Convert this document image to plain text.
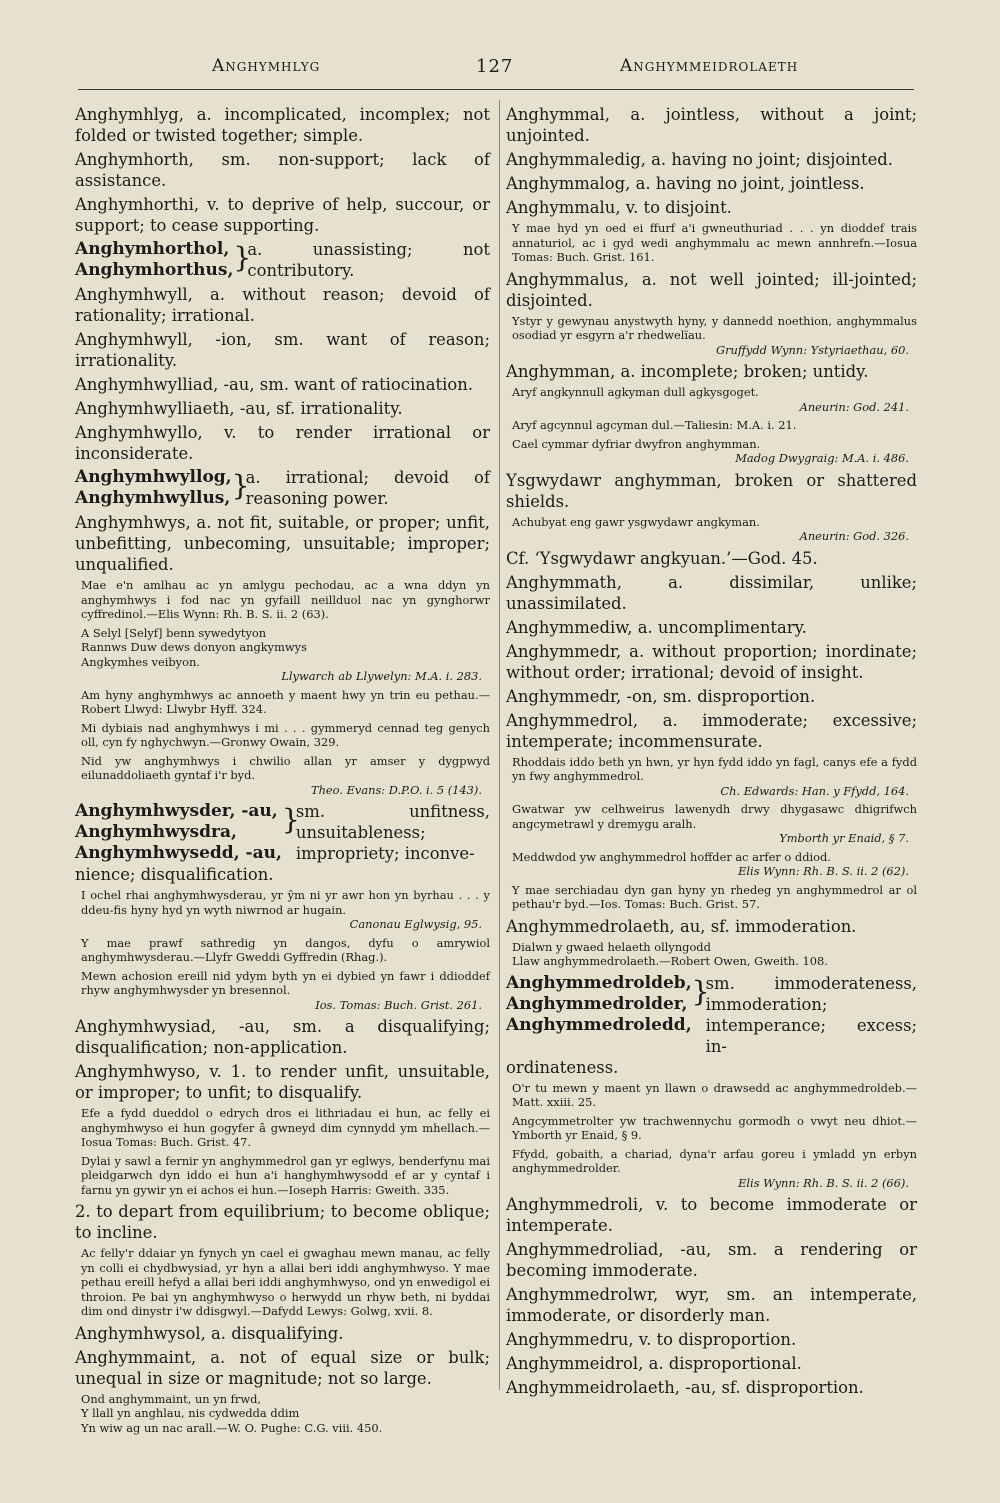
Anghymhlyg	127	Anghymmeidrolaeth
Anghymhlyg, a. incomplicated, incomplex; not folded or twisted together; simple.
Anghymhorth, sm. non-support; lack of assistance.
Anghymhorthi, v. to deprive of help, succour, or support; to cease supporting.
Anghymhorthol,
Anghymhorthus, }
a. unassisting; not contributory.
Anghymhwyll, a. without reason; devoid of rationality; irrational.
Anghymhwyll, -ion, sm. want of reason; irrationality.
Anghymhwylliad, -au, sm. want of ratiocination.
Anghymhwylliaeth, -au, sf. irrationality.
Anghymhwyllo, v. to render irrational or inconsiderate.
Anghymhwyllog,
Anghymhwyllus, }
a. irrational; devoid of reasoning power.
Anghymhwys, a. not fit, suitable, or proper; unfit, unbefitting, unbecoming, unsuitable; improper; unqualified.
Mae e'n amlhau ac yn amlygu pechodau, ac a wna ddyn yn anghymhwys i fod nac yn gyfaill neillduol nac yn gynghorwr cyffredinol.—Elis Wynn: Rh. B. S. ii. 2 (63).
A Selyl [Selyf] benn sywedytyon
Rannws Duw dews donyon angkymwys
Angkymhes veibyon.
Llywarch ab Llywelyn: M.A. i. 283.
Am hyny anghymhwys ac annoeth y maent hwy yn trin eu pethau.—Robert Llwyd: Llwybr Hyff. 324.
Mi dybiais nad anghymhwys i mi . . . gymmeryd cennad teg genych oll, cyn fy nghychwyn.—Gronwy Owain, 329.
Nid yw anghymhwys i chwilio allan yr amser y dygpwyd eilunaddoliaeth gyntaf i'r byd.
Theo. Evans: D.P.O. i. 5 (143).
Anghymhwysder, -au,
Anghymhwysdra,
Anghymhwysedd, -au,
}
sm. unfitness, unsuitableness; impropriety; inconve-
nience; disqualification.
I ochel rhai anghymhwysderau, yr ŷm ni yr awr hon yn byrhau . . . y ddeu-fis hyny hyd yn wyth niwrnod ar hugain.
Canonau Eglwysig, 95.
Y mae prawf sathredig yn dangos, dyfu o amrywiol anghymhwysderau.—Llyfr Gweddi Gyffredin (Rhag.).
Mewn achosion ereill nid ydym byth yn ei dybied yn fawr i ddioddef rhyw anghymhwysder yn bresennol.
Ios. Tomas: Buch. Grist. 261.
Anghymhwysiad, -au, sm. a disqualifying; disqualification; non-application.
Anghymhwyso, v. 1. to render unfit, unsuitable, or improper; to unfit; to disqualify.
Efe a fydd dueddol o edrych dros ei lithriadau ei hun, ac felly ei anghymhwyso ei hun gogyfer â gwneyd dim cynnydd ym mhellach.—Iosua Tomas: Buch. Grist. 47.
Dylai y sawl a fernir yn anghymmedrol gan yr eglwys, benderfynu mai pleidgarwch dyn iddo ei hun a'i hanghymhwysodd ef ar y cyntaf i farnu yn gywir yn ei achos ei hun.—Ioseph Harris: Gweith. 335.
2. to depart from equilibrium; to become oblique; to incline.
Ac felly'r ddaiar yn fynych yn cael ei gwaghau mewn manau, ac felly yn colli ei chydbwysiad, yr hyn a allai beri iddi anghymhwyso. Y mae pethau ereill hefyd a allai beri iddi anghymhwyso, ond yn enwedigol ei throion. Pe bai yn anghymhwyso o herwydd un rhyw beth, ni byddai dim ond dinystr i'w ddisgwyl.—Dafydd Lewys: Golwg, xvii. 8.
Anghymhwysol, a. disqualifying.
Anghymmaint, a. not of equal size or bulk; unequal in size or magnitude; not so large.
Ond anghymmaint, un yn frwd,
Y llall yn anghlau, nis cydwedda ddim
Yn wiw ag un nac arall.—W. O. Pughe: C.G. viii. 450.
Anghymmal, a. jointless, without a joint; unjointed.
Anghymmaledig, a. having no joint; disjointed.
Anghymmalog, a. having no joint, jointless.
Anghymmalu, v. to disjoint.
Y mae hyd yn oed ei ffurf a'i gwneuthuriad . . . yn dioddef trais annaturiol, ac i gyd wedi anghymmalu ac mewn annhrefn.—Iosua Tomas: Buch. Grist. 161.
Anghymmalus, a. not well jointed; ill-jointed; disjointed.
Ystyr y gewynau anystwyth hyny, y dannedd noethion, anghymmalus osodiad yr esgyrn a'r rhedwelïau.
Gruffydd Wynn: Ystyriaethau, 60.
Anghymman, a. incomplete; broken; untidy.
Aryf angkynnull agkyman dull agkysgoget.
Aneurin: God. 241.
Aryf agcynnul agcyman dul.—Taliesin: M.A. i. 21.
Cael cymmar dyfriar dwyfron anghymman.
Madog Dwygraig: M.A. i. 486.
Ysgwydawr anghymman, broken or shattered shields.
Achubyat eng gawr ysgwydawr angkyman.
Aneurin: God. 326.
Cf. ‘Ysgwydawr angkyuan.’—God. 45.
Anghymmath, a. dissimilar, unlike; unassimilated.
Anghymmediw, a. uncomplimentary.
Anghymmedr, a. without proportion; inordinate; without order; irrational; devoid of insight.
Anghymmedr, -on, sm. disproportion.
Anghymmedrol, a. immoderate; excessive; intemperate; incommensurate.
Rhoddais iddo beth yn hwn, yr hyn fydd iddo yn fagl, canys efe a fydd yn fwy anghymmedrol.
Ch. Edwards: Han. y Ffydd, 164.
Gwatwar yw celhweirus lawenydh drwy dhygasawc dhigrifwch angcymetrawl y dremygu aralh.
Ymborth yr Enaid, § 7.
Meddwdod yw anghymmedrol hoffder ac arfer o ddiod.
Elis Wynn: Rh. B. S. ii. 2 (62).
Y mae serchiadau dyn gan hyny yn rhedeg yn anghymmedrol ar ol pethau'r byd.—Ios. Tomas: Buch. Grist. 57.
Anghymmedrolaeth, au, sf. immoderation.
Dialwn y gwaed helaeth ollyngodd
Llaw anghymmedrolaeth.—Robert Owen, Gweith. 108.
Anghymmedroldeb,
Anghymmedrolder,
Anghymmedroledd,
}
sm. immoderateness, immoderation; intemperance; excess; in-
ordinateness.
O'r tu mewn y maent yn llawn o drawsedd ac anghymmedroldeb.—Matt. xxiii. 25.
Angcymmetrolter yw trachwennychu gormodh o vwyt neu dhiot.—Ymborth yr Enaid, § 9.
Ffydd, gobaith, a chariad, dyna'r arfau goreu i ymladd yn erbyn anghymmedrolder.
Elis Wynn: Rh. B. S. ii. 2 (66).
Anghymmedroli, v. to become immoderate or intemperate.
Anghymmedroliad, -au, sm. a rendering or becoming immoderate.
Anghymmedrolwr, wyr, sm. an intemperate, immoderate, or disorderly man.
Anghymmedru, v. to disproportion.
Anghymmeidrol, a. disproportional.
Anghymmeidrolaeth, -au, sf. disproportion.
